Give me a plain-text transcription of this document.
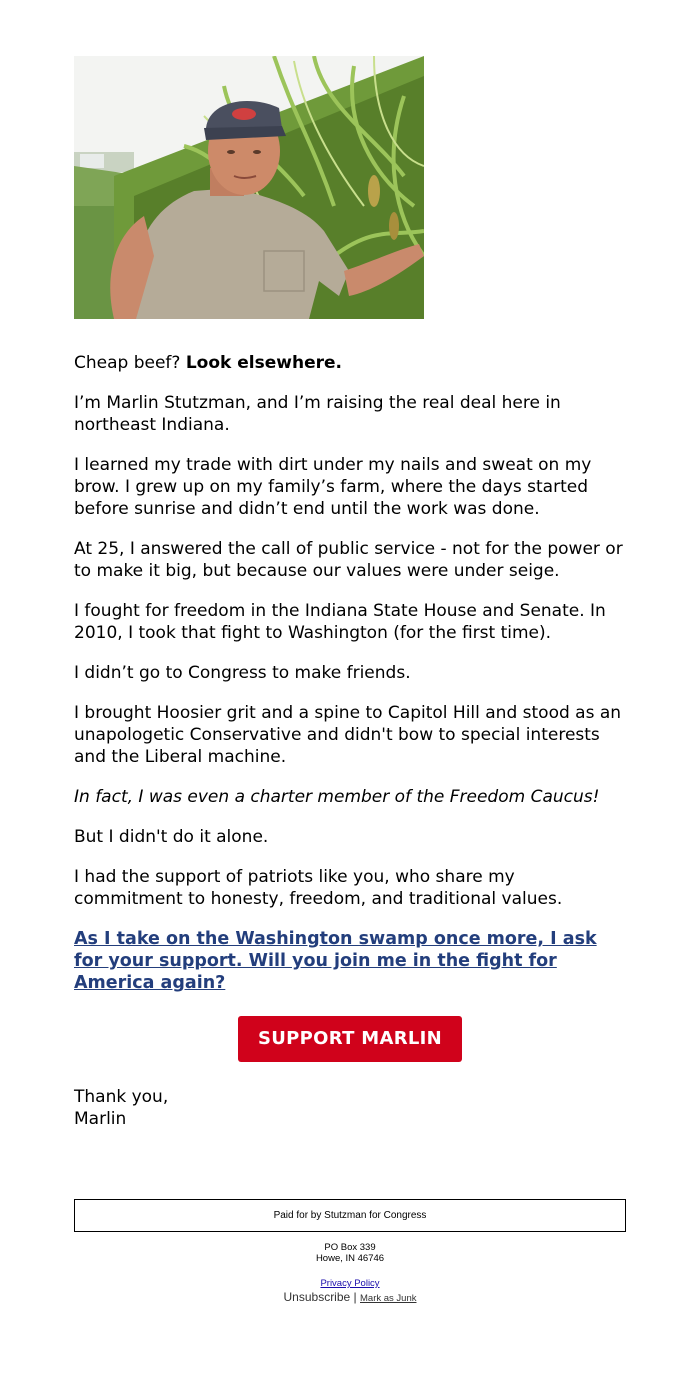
Cheap beef? Look elsewhere.

I’m Marlin Stutzman, and I’m raising the real deal here in northeast Indiana.

I learned my trade with dirt under my nails and sweat on my brow. I grew up on my family’s farm, where the days started before sunrise and didn’t end until the work was done.

At 25, I answered the call of public service - not for the power or to make it big, but because our values were under seige.

I fought for freedom in the Indiana State House and Senate. In 2010, I took that fight to Washington (for the first time).

I didn’t go to Congress to make friends.

I brought Hoosier grit and a spine to Capitol Hill and stood as an unapologetic Conservative and didn't bow to special interests and the Liberal machine.

In fact, I was even a charter member of the Freedom Caucus!

But I didn't do it alone.

I had the support of patriots like you, who share my commitment to honesty, freedom, and traditional values.

As I take on the Washington swamp once more, I ask for your support. Will you join me in the fight for America again?
SUPPORT MARLIN
Thank you,
Marlin
Paid for by Stutzman for Congress
PO Box 339
Howe, IN 46746
Privacy Policy
Unsubscribe | Mark as Junk
